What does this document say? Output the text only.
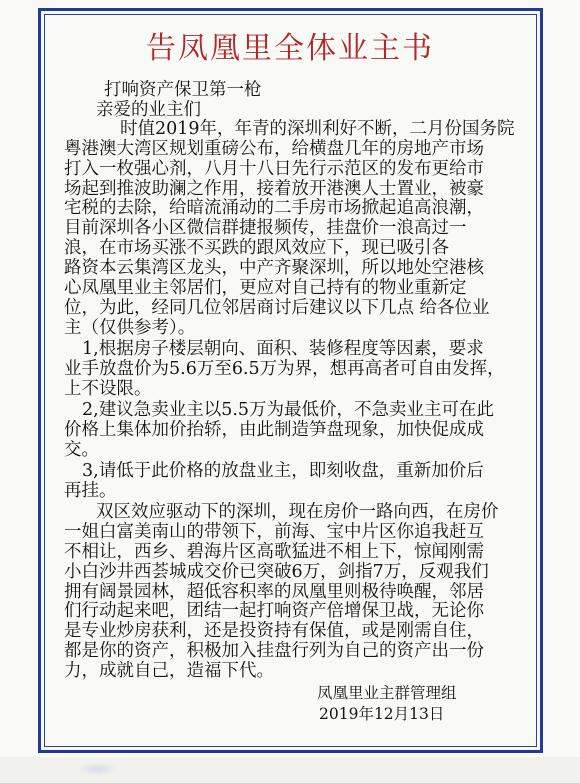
告凤凰里全体业主书
打响资产保卫第一枪
亲爱的业主们
时值2019年，年青的深圳利好不断，二月份国务院
粤港澳大湾区规划重磅公布，给横盘几年的房地产市场
打入一枚强心剂，八月十八日先行示范区的发布更给市
场起到推波助澜之作用，接着放开港澳人士置业，被豪
宅税的去除，给暗流涌动的二手房市场掀起追高浪潮，
目前深圳各小区微信群捷报频传，挂盘价一浪高过一
浪，在市场买涨不买跌的跟风效应下，现已吸引各
路资本云集湾区龙头，中产齐聚深圳，所以地处空港核
心凤凰里业主邻居们，更应对自己持有的物业重新定
位，为此，经同几位邻居商讨后建议以下几点 给各位业
主（仅供参考）。
1,根据房子楼层朝向、面积、装修程度等因素，要求
业手放盘价为5.6万至6.5万为界，想再高者可自由发挥，
上不设限。
2,建议急卖业主以5.5万为最低价，不急卖业主可在此
价格上集体加价抬轿，由此制造笋盘现象，加快促成成
交。
3,请低于此价格的放盘业主，即刻收盘，重新加价后
再挂。
双区效应驱动下的深圳，现在房价一路向西，在房价
一姐白富美南山的带领下，前海、宝中片区你追我赶互
不相让，西乡、碧海片区高歌猛进不相上下，惊闻刚需
小白沙井西荟城成交价已突破6万，剑指7万，反观我们
拥有阔景园林，超低容积率的凤凰里则极待唤醒，邻居
们行动起来吧，团结一起打响资产倍增保卫战，无论你
是专业炒房获利，还是投资持有保值，或是刚需自住，
都是你的资产，积极加入挂盘行列为自己的资产出一份
力，成就自己，造福下代。
凤凰里业主群管理组
2019年12月13日
